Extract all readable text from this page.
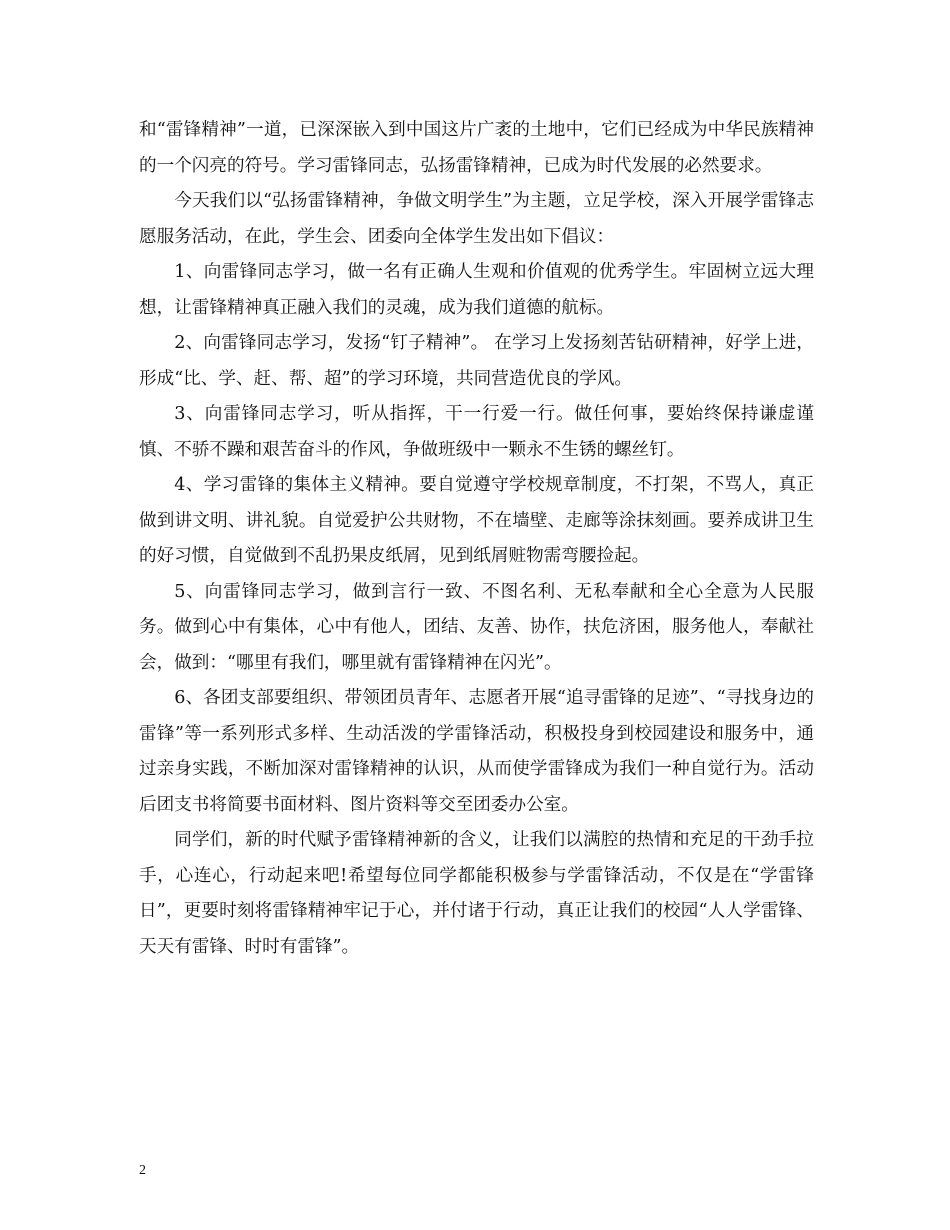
和“雷锋精神”一道，已深深嵌入到中国这片广袤的土地中，它们已经成为中华民族精神的一个闪亮的符号。学习雷锋同志，弘扬雷锋精神，已成为时代发展的必然要求。

今天我们以“弘扬雷锋精神，争做文明学生”为主题，立足学校，深入开展学雷锋志愿服务活动，在此，学生会、团委向全体学生发出如下倡议：

1、向雷锋同志学习，做一名有正确人生观和价值观的优秀学生。牢固树立远大理想，让雷锋精神真正融入我们的灵魂，成为我们道德的航标。

2、向雷锋同志学习，发扬“钉子精神”。 在学习上发扬刻苦钻研精神，好学上进，形成“比、学、赶、帮、超”的学习环境，共同营造优良的学风。

3、向雷锋同志学习，听从指挥，干一行爱一行。做任何事，要始终保持谦虚谨慎、不骄不躁和艰苦奋斗的作风，争做班级中一颗永不生锈的螺丝钉。

4、学习雷锋的集体主义精神。要自觉遵守学校规章制度，不打架，不骂人，真正做到讲文明、讲礼貌。自觉爱护公共财物，不在墙壁、走廊等涂抹刻画。要养成讲卫生的好习惯，自觉做到不乱扔果皮纸屑，见到纸屑赃物需弯腰捡起。

5、向雷锋同志学习，做到言行一致、不图名利、无私奉献和全心全意为人民服务。做到心中有集体，心中有他人，团结、友善、协作，扶危济困，服务他人，奉献社会，做到：“哪里有我们，哪里就有雷锋精神在闪光”。

6、各团支部要组织、带领团员青年、志愿者开展“追寻雷锋的足迹”、“寻找身边的雷锋”等一系列形式多样、生动活泼的学雷锋活动，积极投身到校园建设和服务中，通过亲身实践，不断加深对雷锋精神的认识，从而使学雷锋成为我们一种自觉行为。活动后团支书将简要书面材料、图片资料等交至团委办公室。

同学们，新的时代赋予雷锋精神新的含义，让我们以满腔的热情和充足的干劲手拉手，心连心，行动起来吧!希望每位同学都能积极参与学雷锋活动，不仅是在“学雷锋日”，更要时刻将雷锋精神牢记于心，并付诸于行动，真正让我们的校园“人人学雷锋、天天有雷锋、时时有雷锋”。

2
